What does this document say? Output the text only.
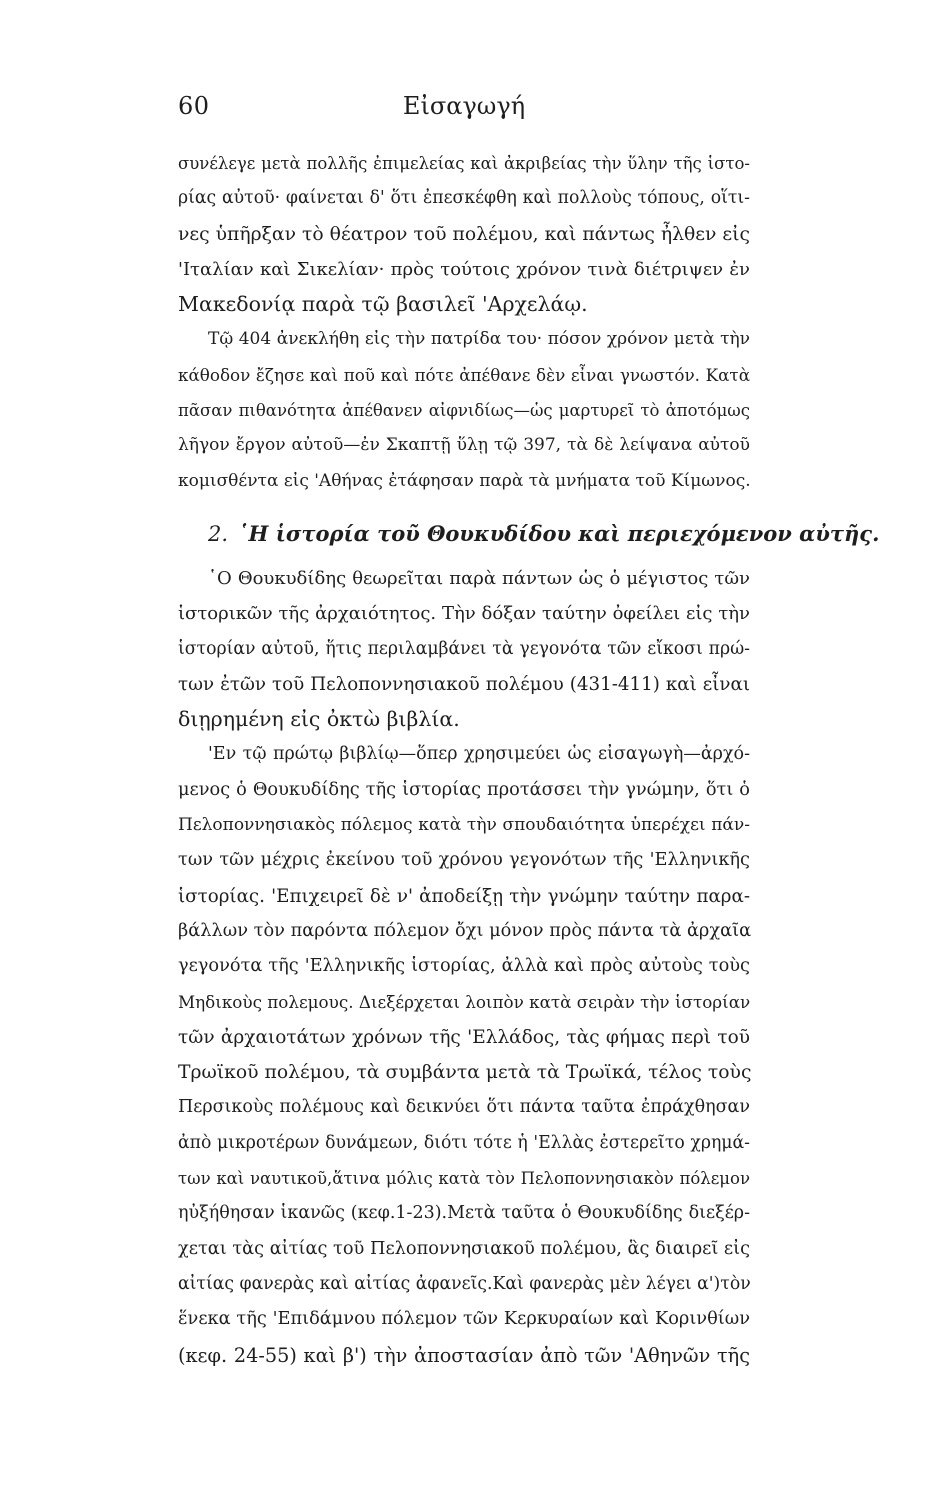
60	Εἰσαγωγή
συνέλεγε μετὰ πολλῆς ἐπιμελείας καὶ ἀκριβείας τὴν ὕλην τῆς ἱστο-
ρίας αὐτοῦ· φαίνεται δ' ὅτι ἐπεσκέφθη καὶ πολλοὺς τόπους, οἵτι-
νες ὑπῆρξαν τὸ θέατρον τοῦ πολέμου, καὶ πάντως ἦλθεν εἰς
'Ιταλίαν καὶ Σικελίαν· πρὸς τούτοις χρόνον τινὰ διέτριψεν ἐν
Μακεδονίᾳ παρὰ τῷ βασιλεῖ 'Αρχελάῳ.
Τῷ 404 ἀνεκλήθη εἰς τὴν πατρίδα του· πόσον χρόνον μετὰ τὴν
κάθοδον ἔζησε καὶ ποῦ καὶ πότε ἀπέθανε δὲν εἶναι γνωστόν. Κατὰ
πᾶσαν πιθανότητα ἀπέθανεν αἰφνιδίως—ὡς μαρτυρεῖ τὸ ἀποτόμως
λῆγον ἔργον αὐτοῦ—ἐν Σκαπτῇ ὕλῃ τῷ 397, τὰ δὲ λείψανα αὐτοῦ
κομισθέντα εἰς 'Αθήνας ἐτάφησαν παρὰ τὰ μνήματα τοῦ Κίμωνος.
2. ῾Η ἱστορία τοῦ Θουκυδίδου καὶ περιεχόμενον αὐτῆς.
῾Ο Θουκυδίδης θεωρεῖται παρὰ πάντων ὡς ὁ μέγιστος τῶν
ἱστορικῶν τῆς ἀρχαιότητος. Τὴν δόξαν ταύτην ὀφείλει εἰς τὴν
ἱστορίαν αὐτοῦ, ἥτις περιλαμβάνει τὰ γεγονότα τῶν εἴκοσι πρώ-
των ἐτῶν τοῦ Πελοποννησιακοῦ πολέμου (431-411) καὶ εἶναι
διῃρημένη εἰς ὀκτὼ βιβλία.
'Εν τῷ πρώτῳ βιβλίῳ—ὅπερ χρησιμεύει ὡς εἰσαγωγὴ—ἀρχό-
μενος ὁ Θουκυδίδης τῆς ἱστορίας προτάσσει τὴν γνώμην, ὅτι ὁ
Πελοποννησιακὸς πόλεμος κατὰ τὴν σπουδαιότητα ὑπερέχει πάν-
των τῶν μέχρις ἐκείνου τοῦ χρόνου γεγονότων τῆς 'Ελληνικῆς
ἱστορίας. 'Επιχειρεῖ δὲ ν' ἀποδείξῃ τὴν γνώμην ταύτην παρα-
βάλλων τὸν παρόντα πόλεμον ὄχι μόνον πρὸς πάντα τὰ ἀρχαῖα
γεγονότα τῆς 'Ελληνικῆς ἱστορίας, ἀλλὰ καὶ πρὸς αὐτοὺς τοὺς
Μηδικοὺς πολεμους. Διεξέρχεται λοιπὸν κατὰ σειρὰν τὴν ἱστορίαν
τῶν ἀρχαιοτάτων χρόνων τῆς 'Ελλάδος, τὰς φήμας περὶ τοῦ
Τρωϊκοῦ πολέμου, τὰ συμβάντα μετὰ τὰ Τρωϊκά, τέλος τοὺς
Περσικοὺς πολέμους καὶ δεικνύει ὅτι πάντα ταῦτα ἐπράχθησαν
ἀπὸ μικροτέρων δυνάμεων, διότι τότε ἡ 'Ελλὰς ἐστερεῖτο χρημά-
των καὶ ναυτικοῦ,ἅτινα μόλις κατὰ τὸν Πελοποννησιακὸν πόλεμον
ηὐξήθησαν ἱκανῶς (κεφ.1-23).Μετὰ ταῦτα ὁ Θουκυδίδης διεξέρ-
χεται τὰς αἰτίας τοῦ Πελοποννησιακοῦ πολέμου, ἃς διαιρεῖ εἰς
αἰτίας φανερὰς καὶ αἰτίας ἀφανεῖς.Καὶ φανερὰς μὲν λέγει α')τὸν
ἕνεκα τῆς 'Επιδάμνου πόλεμον τῶν Κερκυραίων καὶ Κορινθίων
(κεφ. 24-55) καὶ β') τὴν ἀποστασίαν ἀπὸ τῶν 'Αθηνῶν τῆς
